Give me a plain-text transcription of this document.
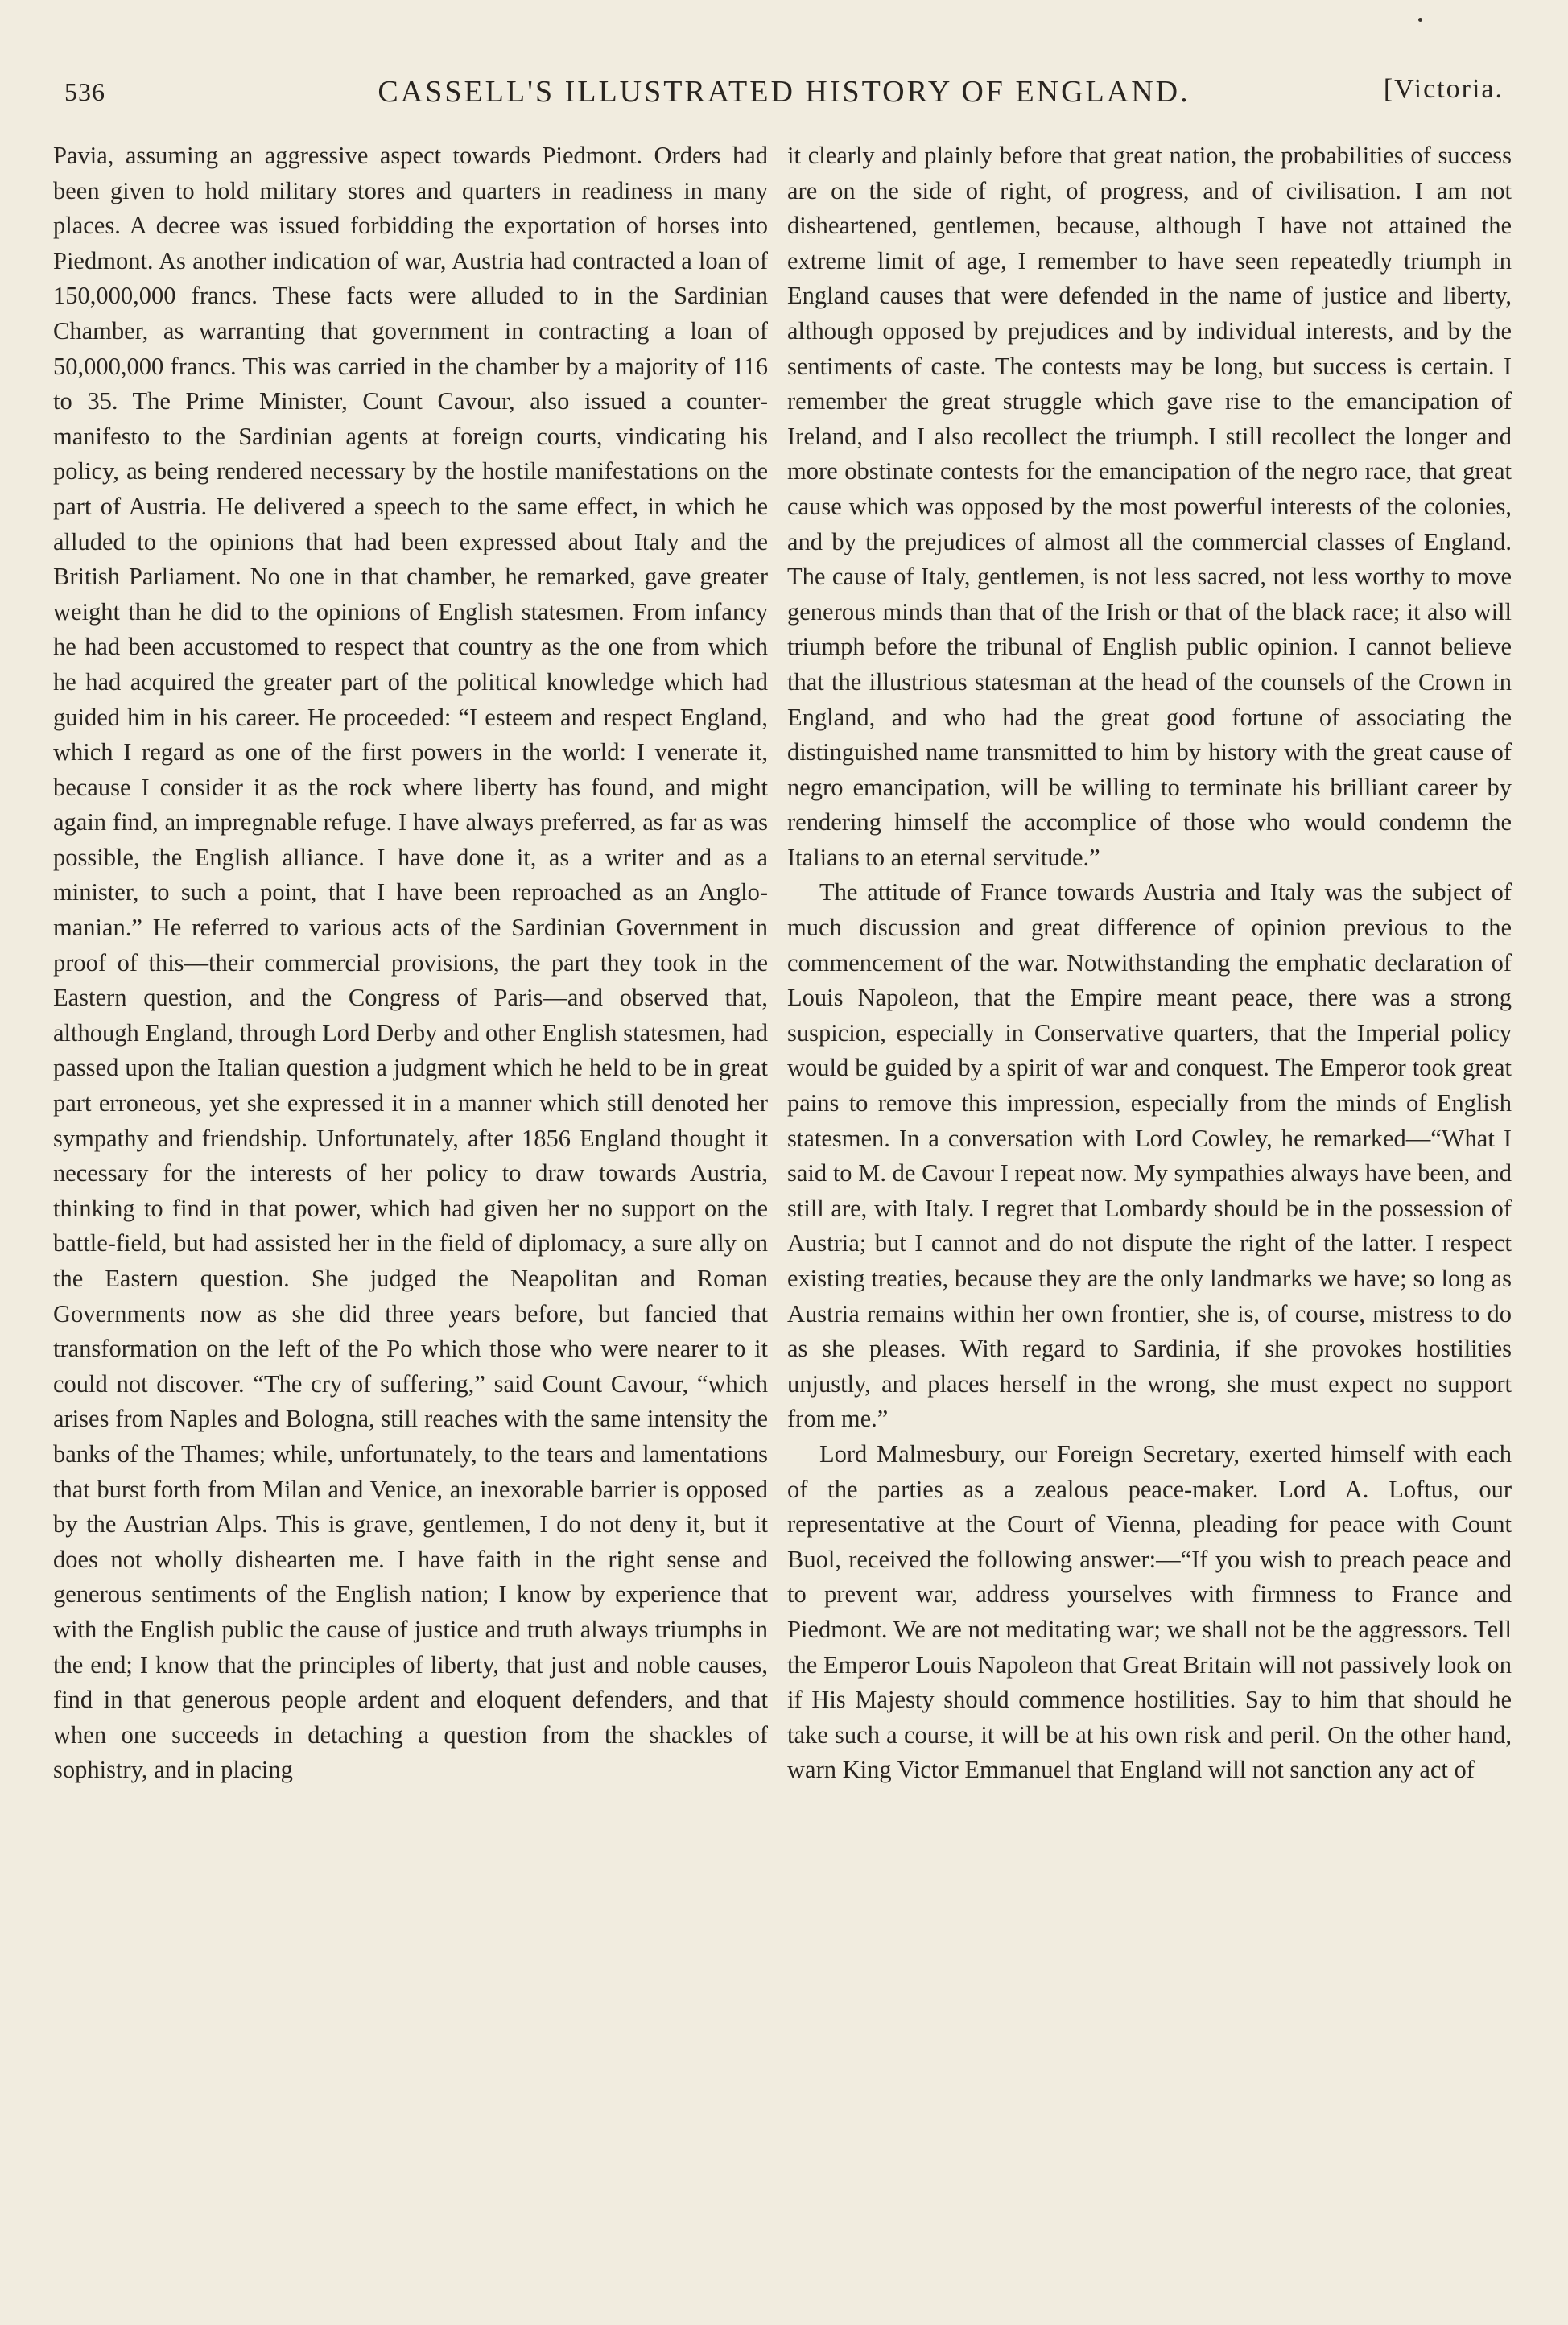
536	CASSELL'S ILLUSTRATED HISTORY OF ENGLAND.	[Victoria.

Pavia, assuming an aggressive aspect towards Piedmont. Orders had been given to hold military stores and quarters in readiness in many places. A decree was issued forbidding the exportation of horses into Piedmont. As another indication of war, Austria had contracted a loan of 150,000,000 francs. These facts were alluded to in the Sardinian Chamber, as warranting that government in contracting a loan of 50,000,000 francs. This was carried in the chamber by a majority of 116 to 35. The Prime Minister, Count Cavour, also issued a counter-manifesto to the Sardinian agents at foreign courts, vindicating his policy, as being rendered necessary by the hostile manifestations on the part of Austria. He delivered a speech to the same effect, in which he alluded to the opinions that had been expressed about Italy and the British Parliament. No one in that chamber, he remarked, gave greater weight than he did to the opinions of English statesmen. From infancy he had been accustomed to respect that country as the one from which he had acquired the greater part of the political knowledge which had guided him in his career. He proceeded: “I esteem and respect England, which I regard as one of the first powers in the world: I venerate it, because I consider it as the rock where liberty has found, and might again find, an impregnable refuge. I have always preferred, as far as was possible, the English alliance. I have done it, as a writer and as a minister, to such a point, that I have been reproached as an Anglo-manian.” He referred to various acts of the Sardinian Government in proof of this—their commercial provisions, the part they took in the Eastern question, and the Congress of Paris—and observed that, although England, through Lord Derby and other English statesmen, had passed upon the Italian question a judgment which he held to be in great part erroneous, yet she expressed it in a manner which still denoted her sympathy and friendship. Unfortunately, after 1856 England thought it necessary for the interests of her policy to draw towards Austria, thinking to find in that power, which had given her no support on the battle-field, but had assisted her in the field of diplomacy, a sure ally on the Eastern question. She judged the Neapolitan and Roman Governments now as she did three years before, but fancied that transformation on the left of the Po which those who were nearer to it could not discover. “The cry of suffering,” said Count Cavour, “which arises from Naples and Bologna, still reaches with the same intensity the banks of the Thames; while, unfortunately, to the tears and lamentations that burst forth from Milan and Venice, an inexorable barrier is opposed by the Austrian Alps. This is grave, gentlemen, I do not deny it, but it does not wholly dishearten me. I have faith in the right sense and generous sentiments of the English nation; I know by experience that with the English public the cause of justice and truth always triumphs in the end; I know that the principles of liberty, that just and noble causes, find in that generous people ardent and eloquent defenders, and that when one succeeds in detaching a question from the shackles of sophistry, and in placing

it clearly and plainly before that great nation, the probabilities of success are on the side of right, of progress, and of civilisation. I am not disheartened, gentlemen, because, although I have not attained the extreme limit of age, I remember to have seen repeatedly triumph in England causes that were defended in the name of justice and liberty, although opposed by prejudices and by individual interests, and by the sentiments of caste. The contests may be long, but success is certain. I remember the great struggle which gave rise to the emancipation of Ireland, and I also recollect the triumph. I still recollect the longer and more obstinate contests for the emancipation of the negro race, that great cause which was opposed by the most powerful interests of the colonies, and by the prejudices of almost all the commercial classes of England. The cause of Italy, gentlemen, is not less sacred, not less worthy to move generous minds than that of the Irish or that of the black race; it also will triumph before the tribunal of English public opinion. I cannot believe that the illustrious statesman at the head of the counsels of the Crown in England, and who had the great good fortune of associating the distinguished name transmitted to him by history with the great cause of negro emancipation, will be willing to terminate his brilliant career by rendering himself the accomplice of those who would condemn the Italians to an eternal servitude.”

The attitude of France towards Austria and Italy was the subject of much discussion and great difference of opinion previous to the commencement of the war. Notwithstanding the emphatic declaration of Louis Napoleon, that the Empire meant peace, there was a strong suspicion, especially in Conservative quarters, that the Imperial policy would be guided by a spirit of war and conquest. The Emperor took great pains to remove this impression, especially from the minds of English statesmen. In a conversation with Lord Cowley, he remarked—“What I said to M. de Cavour I repeat now. My sympathies always have been, and still are, with Italy. I regret that Lombardy should be in the possession of Austria; but I cannot and do not dispute the right of the latter. I respect existing treaties, because they are the only landmarks we have; so long as Austria remains within her own frontier, she is, of course, mistress to do as she pleases. With regard to Sardinia, if she provokes hostilities unjustly, and places herself in the wrong, she must expect no support from me.”

Lord Malmesbury, our Foreign Secretary, exerted himself with each of the parties as a zealous peace-maker. Lord A. Loftus, our representative at the Court of Vienna, pleading for peace with Count Buol, received the following answer:—“If you wish to preach peace and to prevent war, address yourselves with firmness to France and Piedmont. We are not meditating war; we shall not be the aggressors. Tell the Emperor Louis Napoleon that Great Britain will not passively look on if His Majesty should commence hostilities. Say to him that should he take such a course, it will be at his own risk and peril. On the other hand, warn King Victor Emmanuel that England will not sanction any act of
